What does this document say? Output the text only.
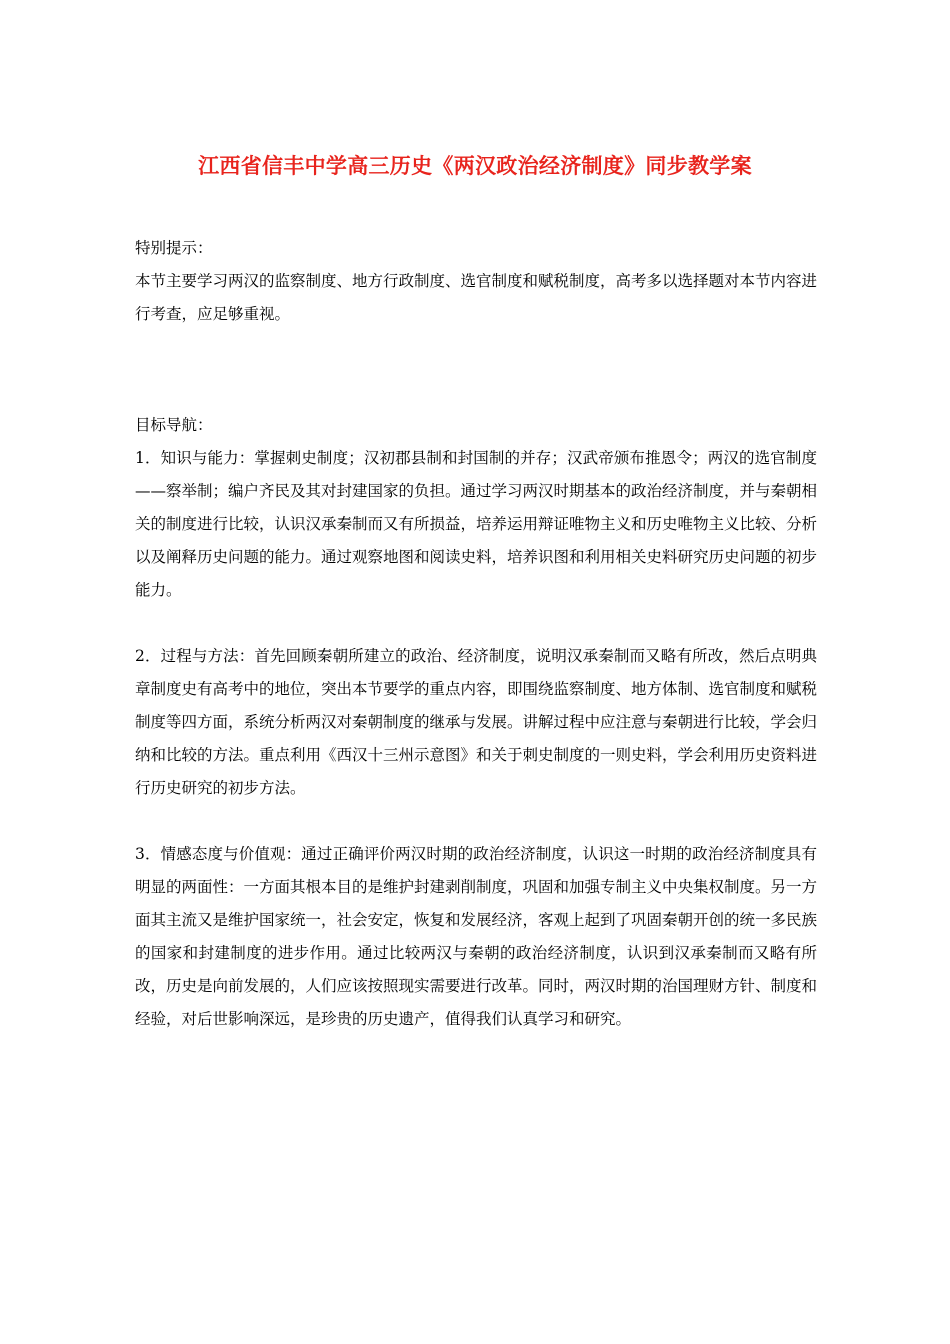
江西省信丰中学高三历史《两汉政治经济制度》同步教学案

特别提示：

本节主要学习两汉的监察制度、地方行政制度、选官制度和赋税制度，高考多以选择题对本节内容进行考查，应足够重视。

目标导航：

1．知识与能力：掌握刺史制度；汉初郡县制和封国制的并存；汉武帝颁布推恩令；两汉的选官制度——察举制；编户齐民及其对封建国家的负担。通过学习两汉时期基本的政治经济制度，并与秦朝相关的制度进行比较，认识汉承秦制而又有所损益，培养运用辩证唯物主义和历史唯物主义比较、分析以及阐释历史问题的能力。通过观察地图和阅读史料，培养识图和利用相关史料研究历史问题的初步能力。

2．过程与方法：首先回顾秦朝所建立的政治、经济制度，说明汉承秦制而又略有所改，然后点明典章制度史有高考中的地位，突出本节要学的重点内容，即围绕监察制度、地方体制、选官制度和赋税制度等四方面，系统分析两汉对秦朝制度的继承与发展。讲解过程中应注意与秦朝进行比较，学会归纳和比较的方法。重点利用《西汉十三州示意图》和关于刺史制度的一则史料，学会利用历史资料进行历史研究的初步方法。

3．情感态度与价值观：通过正确评价两汉时期的政治经济制度，认识这一时期的政治经济制度具有明显的两面性：一方面其根本目的是维护封建剥削制度，巩固和加强专制主义中央集权制度。另一方面其主流又是维护国家统一，社会安定，恢复和发展经济，客观上起到了巩固秦朝开创的统一多民族的国家和封建制度的进步作用。通过比较两汉与秦朝的政治经济制度，认识到汉承秦制而又略有所改，历史是向前发展的，人们应该按照现实需要进行改革。同时，两汉时期的治国理财方针、制度和经验，对后世影响深远，是珍贵的历史遗产，值得我们认真学习和研究。
